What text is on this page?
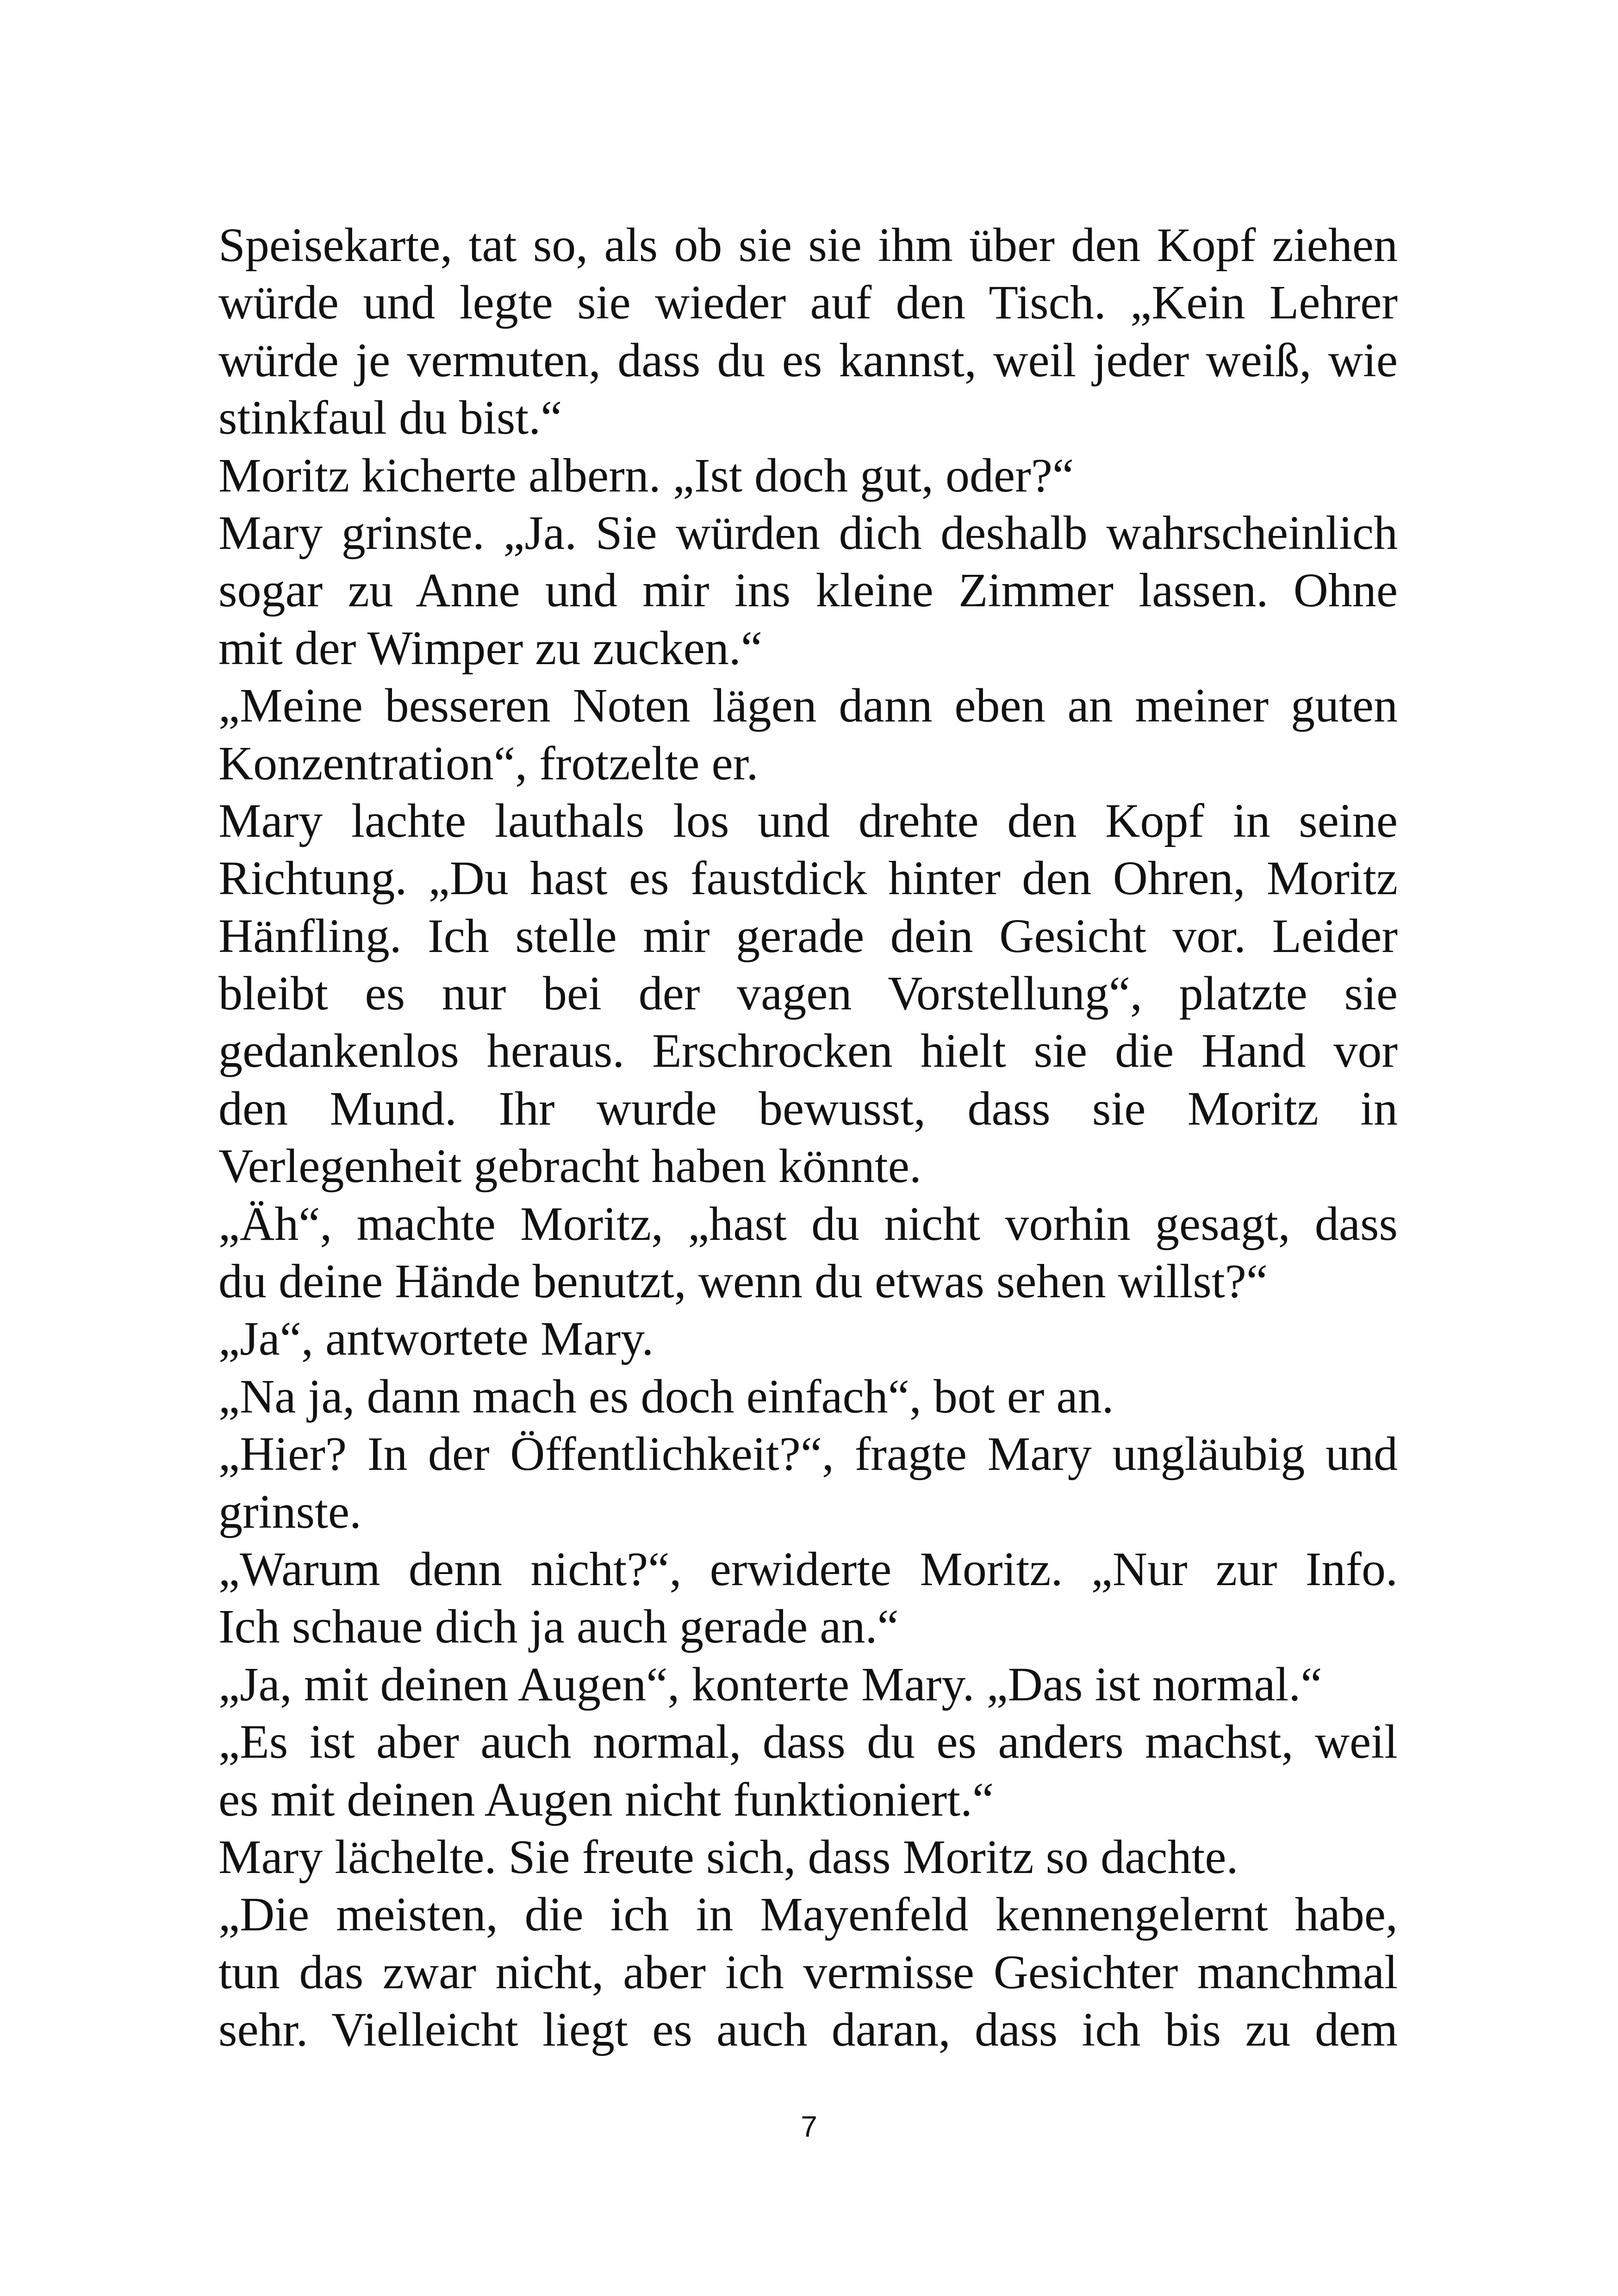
Speisekarte, tat so, als ob sie sie ihm über den Kopf ziehen
würde und legte sie wieder auf den Tisch. „Kein Lehrer
würde je vermuten, dass du es kannst, weil jeder weiß, wie
stinkfaul du bist.“
Moritz kicherte albern. „Ist doch gut, oder?“
Mary grinste. „Ja. Sie würden dich deshalb wahrscheinlich
sogar zu Anne und mir ins kleine Zimmer lassen. Ohne
mit der Wimper zu zucken.“
„Meine besseren Noten lägen dann eben an meiner guten
Konzentration“, frotzelte er.
Mary lachte lauthals los und drehte den Kopf in seine
Richtung. „Du hast es faustdick hinter den Ohren, Moritz
Hänfling. Ich stelle mir gerade dein Gesicht vor. Leider
bleibt es nur bei der vagen Vorstellung“, platzte sie
gedankenlos heraus. Erschrocken hielt sie die Hand vor
den Mund. Ihr wurde bewusst, dass sie Moritz in
Verlegenheit gebracht haben könnte.
„Äh“, machte Moritz, „hast du nicht vorhin gesagt, dass
du deine Hände benutzt, wenn du etwas sehen willst?“
„Ja“, antwortete Mary.
„Na ja, dann mach es doch einfach“, bot er an.
„Hier? In der Öffentlichkeit?“, fragte Mary ungläubig und
grinste.
„Warum denn nicht?“, erwiderte Moritz. „Nur zur Info.
Ich schaue dich ja auch gerade an.“
„Ja, mit deinen Augen“, konterte Mary. „Das ist normal.“
„Es ist aber auch normal, dass du es anders machst, weil
es mit deinen Augen nicht funktioniert.“
Mary lächelte. Sie freute sich, dass Moritz so dachte.
„Die meisten, die ich in Mayenfeld kennengelernt habe,
tun das zwar nicht, aber ich vermisse Gesichter manchmal
sehr. Vielleicht liegt es auch daran, dass ich bis zu dem
7
